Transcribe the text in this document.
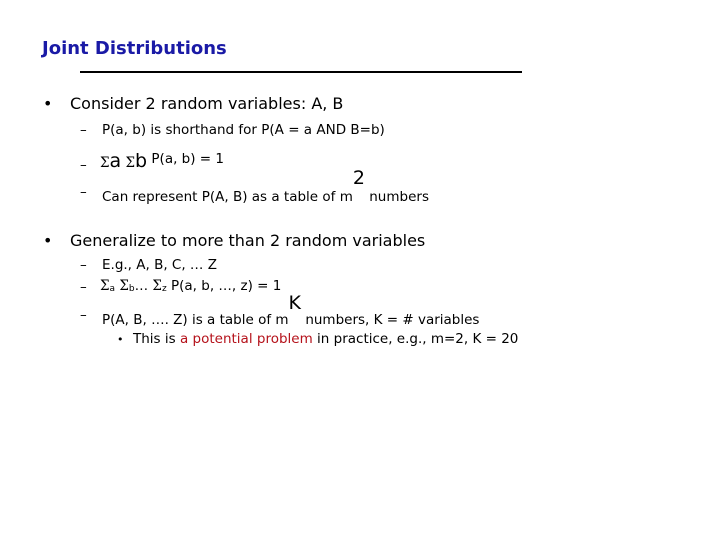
Joint Distributions
• Consider 2 random variables: A, B
– P(a, b) is shorthand for P(A = a AND B=b)
– Σa Σb P(a, b) = 1
– Can represent P(A, B) as a table of m2 numbers
• Generalize to more than 2 random variables
– E.g., A, B, C, … Z
– Σa Σb… Σz P(a, b, …, z) = 1
– P(A, B, …. Z) is a table of mK numbers, K = # variables
• This is a potential problem in practice, e.g., m=2, K = 20
